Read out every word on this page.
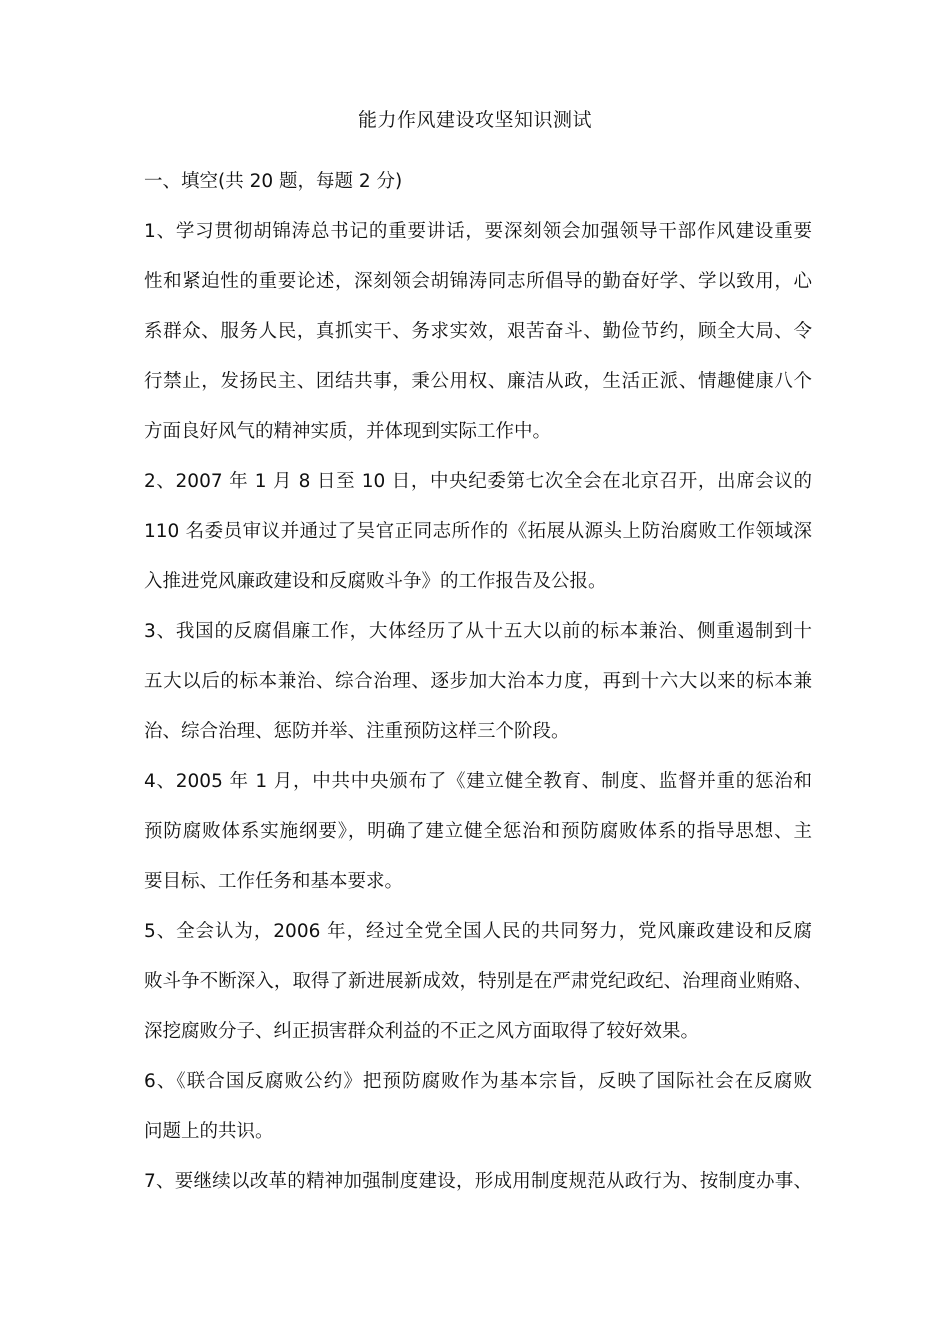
能力作风建设攻坚知识测试
一、填空(共 20 题，每题 2 分)
1、学习贯彻胡锦涛总书记的重要讲话，要深刻领会加强领导干部作风建设重要
性和紧迫性的重要论述，深刻领会胡锦涛同志所倡导的勤奋好学、学以致用，心
系群众、服务人民，真抓实干、务求实效，艰苦奋斗、勤俭节约，顾全大局、令
行禁止，发扬民主、团结共事，秉公用权、廉洁从政，生活正派、情趣健康八个
方面良好风气的精神实质，并体现到实际工作中。
2、2007 年 1 月 8 日至 10 日，中央纪委第七次全会在北京召开，出席会议的
110 名委员审议并通过了吴官正同志所作的《拓展从源头上防治腐败工作领域深
入推进党风廉政建设和反腐败斗争》的工作报告及公报。
3、我国的反腐倡廉工作，大体经历了从十五大以前的标本兼治、侧重遏制到十
五大以后的标本兼治、综合治理、逐步加大治本力度，再到十六大以来的标本兼
治、综合治理、惩防并举、注重预防这样三个阶段。
4、2005 年 1 月，中共中央颁布了《建立健全教育、制度、监督并重的惩治和
预防腐败体系实施纲要》，明确了建立健全惩治和预防腐败体系的指导思想、主
要目标、工作任务和基本要求。
5、全会认为，2006 年，经过全党全国人民的共同努力，党风廉政建设和反腐
败斗争不断深入，取得了新进展新成效，特别是在严肃党纪政纪、治理商业贿赂、
深挖腐败分子、纠正损害群众利益的不正之风方面取得了较好效果。
6、《联合国反腐败公约》把预防腐败作为基本宗旨，反映了国际社会在反腐败
问题上的共识。
7、要继续以改革的精神加强制度建设，形成用制度规范从政行为、按制度办事、
